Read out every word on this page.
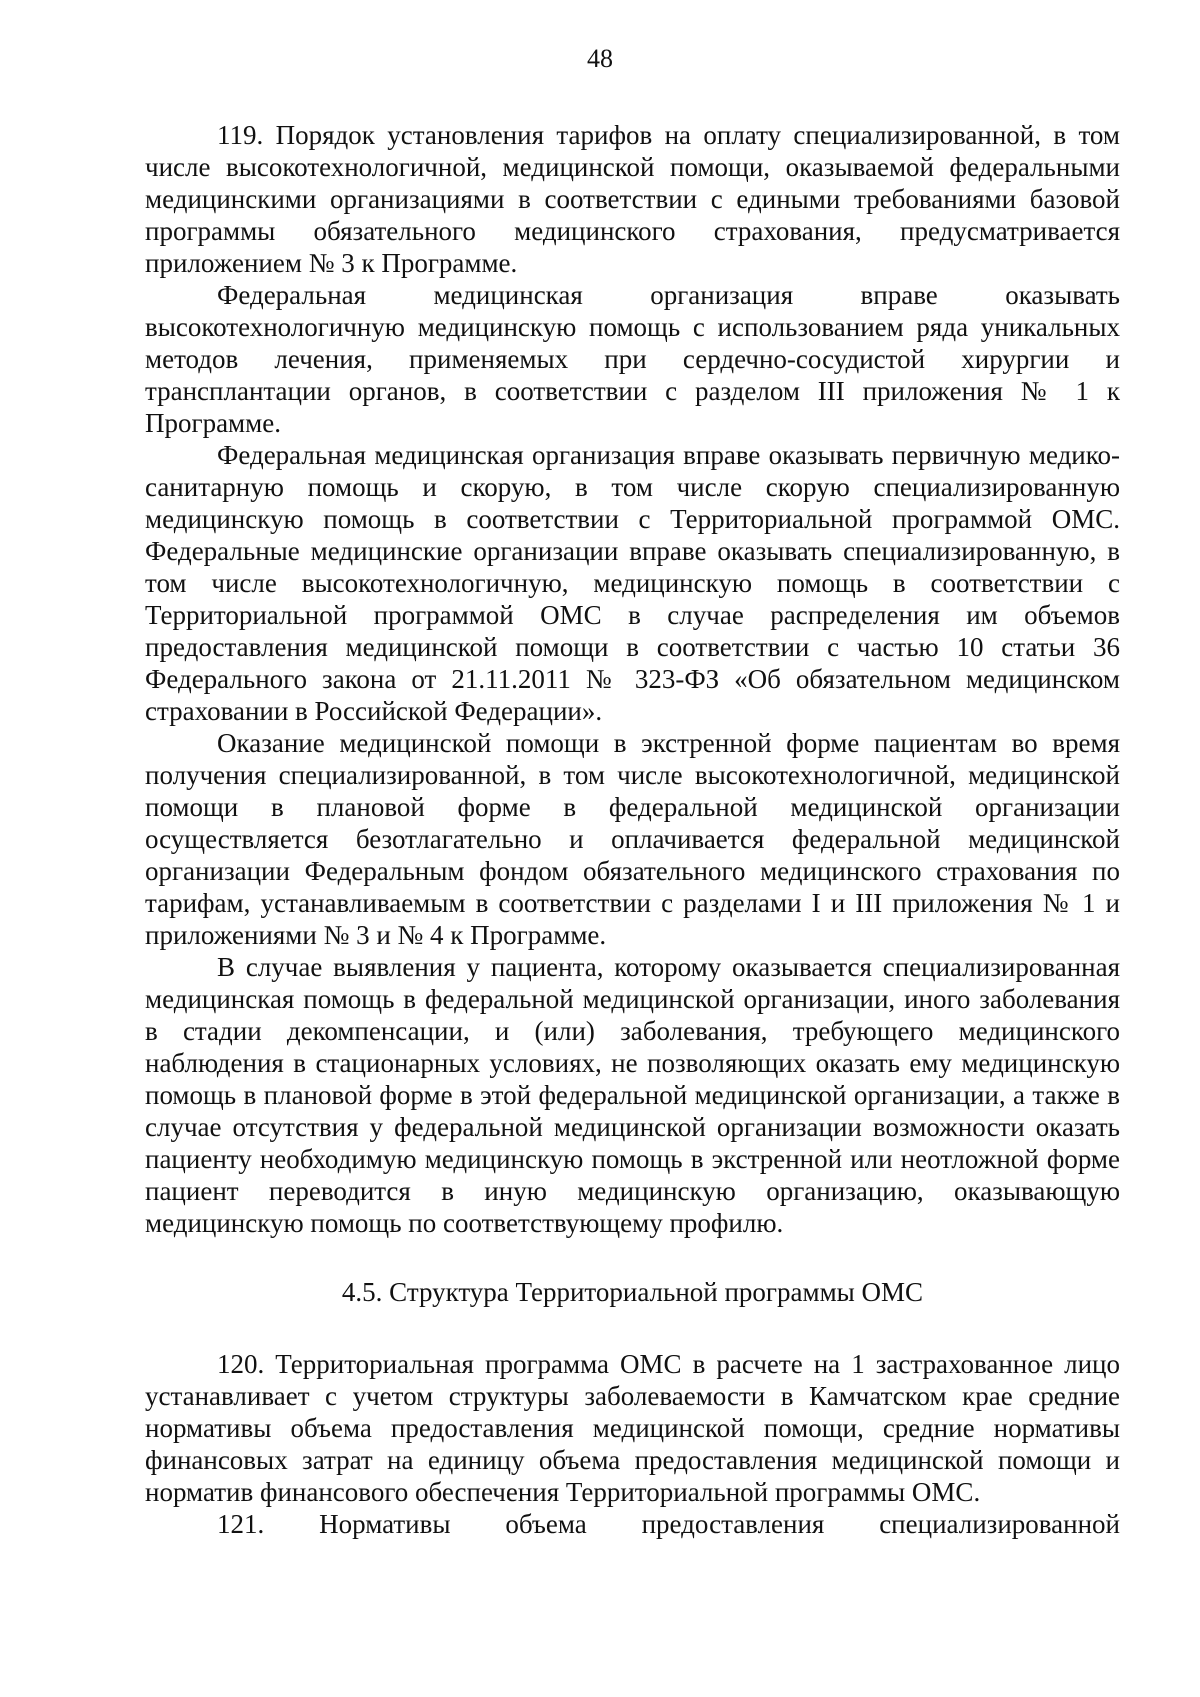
48

119. Порядок установления тарифов на оплату специализированной, в том числе высокотехнологичной, медицинской помощи, оказываемой федеральными медицинскими организациями в соответствии с едиными требованиями базовой программы обязательного медицинского страхования, предусматривается приложением № 3 к Программе.

Федеральная медицинская организация вправе оказывать высокотехнологичную медицинскую помощь с использованием ряда уникальных методов лечения, применяемых при сердечно-сосудистой хирургии и трансплантации органов, в соответствии с разделом III приложения № 1 к Программе.

Федеральная медицинская организация вправе оказывать первичную медико-санитарную помощь и скорую, в том числе скорую специализированную медицинскую помощь в соответствии с Территориальной программой ОМС. Федеральные медицинские организации вправе оказывать специализированную, в том числе высокотехнологичную, медицинскую помощь в соответствии с Территориальной программой ОМС в случае распределения им объемов предоставления медицинской помощи в соответствии с частью 10 статьи 36 Федерального закона от 21.11.2011 № 323-ФЗ «Об обязательном медицинском страховании в Российской Федерации».

Оказание медицинской помощи в экстренной форме пациентам во время получения специализированной, в том числе высокотехнологичной, медицинской помощи в плановой форме в федеральной медицинской организации осуществляется безотлагательно и оплачивается федеральной медицинской организации Федеральным фондом обязательного медицинского страхования по тарифам, устанавливаемым в соответствии с разделами I и III приложения № 1 и приложениями № 3 и № 4 к Программе.

В случае выявления у пациента, которому оказывается специализированная медицинская помощь в федеральной медицинской организации, иного заболевания в стадии декомпенсации, и (или) заболевания, требующего медицинского наблюдения в стационарных условиях, не позволяющих оказать ему медицинскую помощь в плановой форме в этой федеральной медицинской организации, а также в случае отсутствия у федеральной медицинской организации возможности оказать пациенту необходимую медицинскую помощь в экстренной или неотложной форме пациент переводится в иную медицинскую организацию, оказывающую медицинскую помощь по соответствующему профилю.

4.5. Структура Территориальной программы ОМС

120. Территориальная программа ОМС в расчете на 1 застрахованное лицо устанавливает с учетом структуры заболеваемости в Камчатском крае средние нормативы объема предоставления медицинской помощи, средние нормативы финансовых затрат на единицу объема предоставления медицинской помощи и норматив финансового обеспечения Территориальной программы ОМС.

121. Нормативы объема предоставления специализированной
